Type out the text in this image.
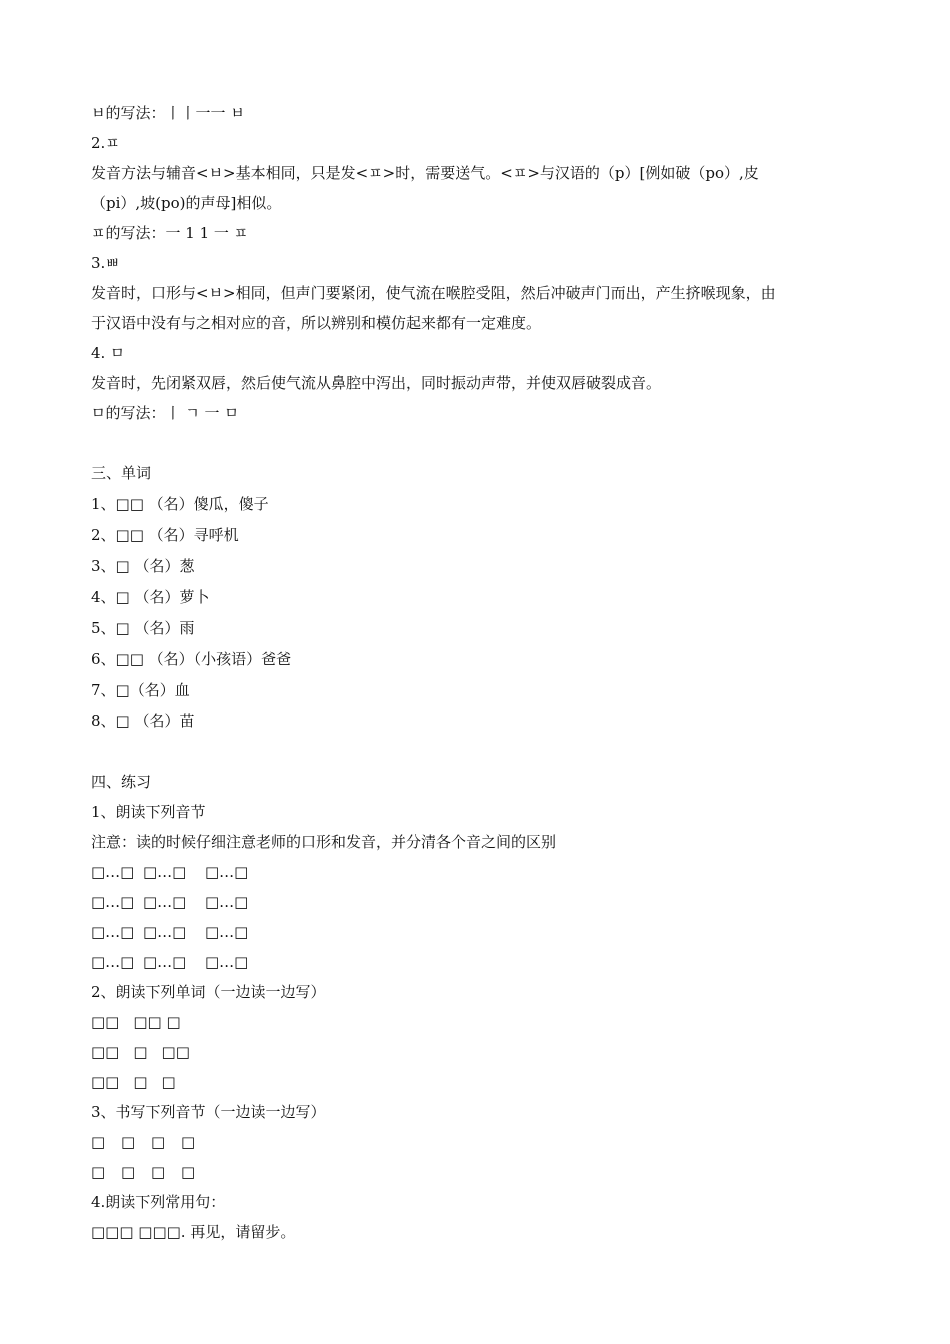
ㅂ的写法：丨丨一一 ㅂ
2.ㅍ
发音方法与辅音<ㅂ>基本相同，只是发<ㅍ>时，需要送气。<ㅍ>与汉语的（p）[例如破（po）,皮
（pi）,坡(po)的声母]相似。
ㅍ的写法：一 1 1 一 ㅍ
3.ㅃ
发音时，口形与<ㅂ>相同，但声门要紧闭，使气流在喉腔受阻，然后冲破声门而出，产生挤喉现象，由
于汉语中没有与之相对应的音，所以辨别和模仿起来都有一定难度。
4. ㅁ
发音时，先闭紧双唇，然后使气流从鼻腔中泻出，同时振动声带，并使双唇破裂成音。
ㅁ的写法：丨 ㄱ 一 ㅁ
三、单词
1、□□ （名）傻瓜，傻子
2、□□ （名）寻呼机
3、□ （名）葱
4、□ （名）萝卜
5、□ （名）雨
6、□□ （名）（小孩语）爸爸
7、□（名）血
8、□ （名）苗
四、练习
1、朗读下列音节
注意：读的时候仔细注意老师的口形和发音，并分清各个音之间的区别
□…□ □…□ □…□
□…□ □…□ □…□
□…□ □…□ □…□
□…□ □…□ □…□
2、朗读下列单词（一边读一边写）
□□ □□ □
□□ □ □□
□□ □ □
3、书写下列音节（一边读一边写）
□ □ □ □
□ □ □ □
4.朗读下列常用句：
□□□ □□□. 再见，请留步。
